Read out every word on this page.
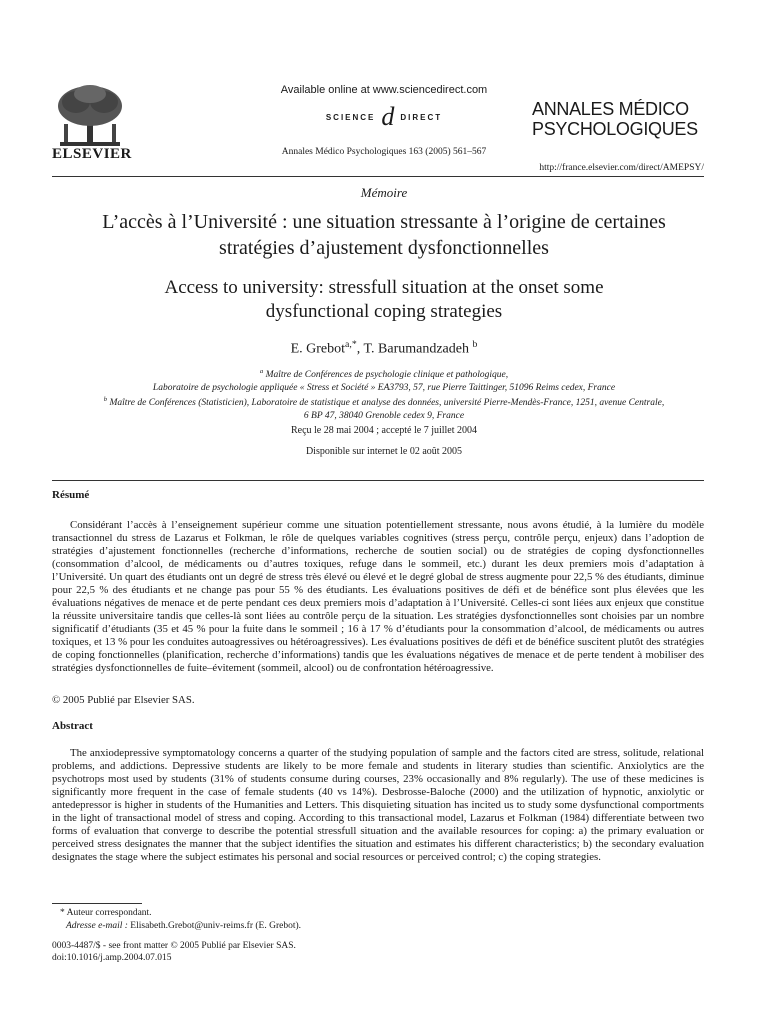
ELSEVIER
Available online at www.sciencedirect.com
SCIENCE d DIRECT
Annales Médico Psychologiques 163 (2005) 561–567
ANNALES MÉDICO
PSYCHOLOGIQUES
http://france.elsevier.com/direct/AMEPSY/
Mémoire
L’accès à l’Université : une situation stressante à l’origine de certaines
stratégies d’ajustement dysfonctionnelles
Access to university: stressfull situation at the onset some
dysfunctional coping strategies
E. Grebot$^{a,*}$, T. Barumandzadeh $^b$
$^a$ Maître de Conférences de psychologie clinique et pathologique,
Laboratoire de psychologie appliquée « Stress et Société » EA3793, 57, rue Pierre Taittinger, 51096 Reims cedex, France
$^b$ Maître de Conférences (Statisticien), Laboratoire de statistique et analyse des données, université Pierre-Mendès-France, 1251, avenue Centrale,
6 BP 47, 38040 Grenoble cedex 9, France
Reçu le 28 mai 2004 ; accepté le 7 juillet 2004
Disponible sur internet le 02 août 2005
Résumé

Considérant l’accès à l’enseignement supérieur comme une situation potentiellement stressante, nous avons étudié, à la lumière du modèle transactionnel du stress de Lazarus et Folkman, le rôle de quelques variables cognitives (stress perçu, contrôle perçu, enjeux) dans l’adoption de stratégies d’ajustement fonctionnelles (recherche d’informations, recherche de soutien social) ou de stratégies de coping dysfonctionnelles (consommation d’alcool, de médicaments ou d’autres toxiques, refuge dans le sommeil, etc.) durant les deux premiers mois d’adaptation à l’Université. Un quart des étudiants ont un degré de stress très élevé ou élevé et le degré global de stress augmente pour 22,5 % des étudiants, diminue pour 22,5 % des étudiants et ne change pas pour 55 % des étudiants. Les évaluations positives de défi et de bénéfice sont plus élevées que les évaluations négatives de menace et de perte pendant ces deux premiers mois d’adaptation à l’Université. Celles-ci sont liées aux enjeux que constitue la réussite universitaire tandis que celles-là sont liées au contrôle perçu de la situation. Les stratégies dysfonctionnelles sont choisies par un nombre significatif d’étudiants (35 et 45 % pour la fuite dans le sommeil ; 16 à 17 % d’étudiants pour la consommation d’alcool, de médicaments ou autres toxiques, et 13 % pour les conduites autoagressives ou hétéroagressives). Les évaluations positives de défi et de bénéfice suscitent plutôt des stratégies de coping fonctionnelles (planification, recherche d’informations) tandis que les évaluations négatives de menace et de perte tendent à mobiliser des stratégies dysfonctionnelles de fuite–évitement (sommeil, alcool) ou de confrontation hétéroagressive.

© 2005 Publié par Elsevier SAS.
Abstract

The anxiodepressive symptomatology concerns a quarter of the studying population of sample and the factors cited are stress, solitude, relational problems, and addictions. Depressive students are likely to be more female and students in literary studies than scientific. Anxiolytics are the psychotrops most used by students (31% of students consume during courses, 23% occasionally and 8% regularly). The use of these medicines is significantly more frequent in the case of female students (40 vs 14%). Desbrosse-Baloche (2000) and the utilization of hypnotic, anxiolytic or antedepressor is higher in students of the Humanities and Letters. This disquieting situation has incited us to study some dysfunctional comportments in the light of transactional model of stress and coping. According to this transactional model, Lazarus et Folkman (1984) differentiate between two forms of evaluation that converge to describe the potential stressfull situation and the available resources for coping: a) the primary evaluation or perceived stress designates the manner that the subject identifies the situation and estimates his different characteristics; b) the secondary evaluation designates the stage where the subject estimates his personal and social resources or perceived control; c) the coping strategies.

* Auteur correspondant.
Adresse e-mail : Elisabeth.Grebot@univ-reims.fr (E. Grebot).
0003-4487/$ - see front matter © 2005 Publié par Elsevier SAS.
doi:10.1016/j.amp.2004.07.015
